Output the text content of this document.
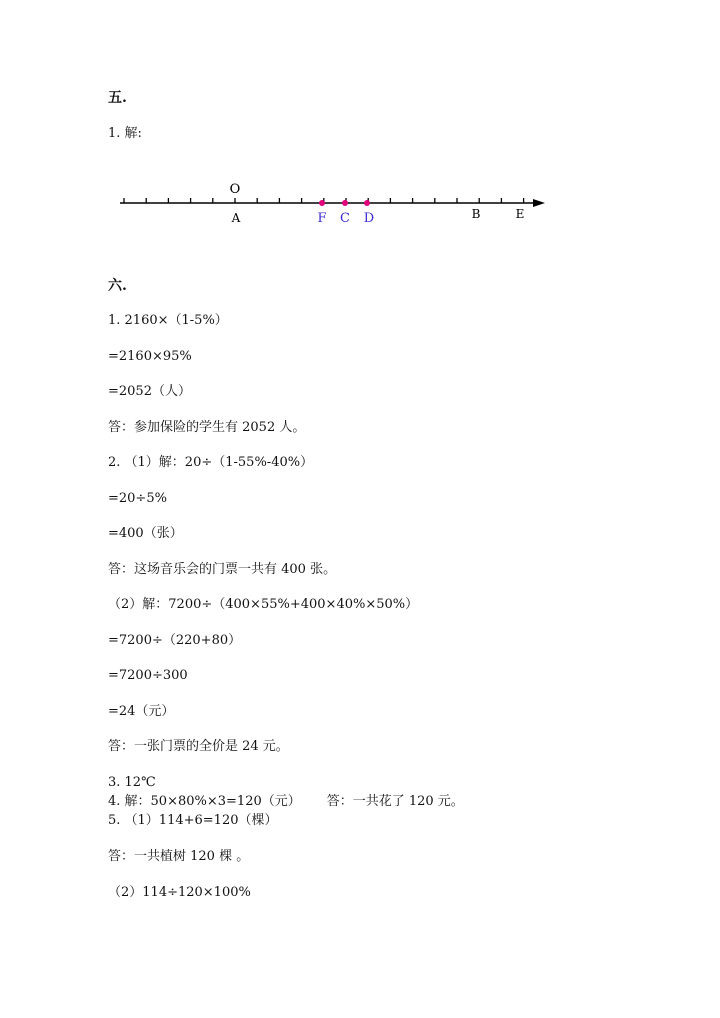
五.
1. 解:
O
A	B	E
F C D
六.
1. 2160×（1-5%）
=2160×95%
=2052（人）
答：参加保险的学生有 2052 人。
2. （1）解：20÷（1-55%-40%）
=20÷5%
=400（张）
答：这场音乐会的门票一共有 400 张。
（2）解：7200÷（400×55%+400×40%×50%）
=7200÷（220+80）
=7200÷300
=24（元）
答：一张门票的全价是 24 元。
3. 12℃
4. 解：50×80%×3=120（元） 答：一共花了 120 元。
5. （1）114+6=120（棵）
答：一共植树 120 棵 。
（2）114÷120×100%
